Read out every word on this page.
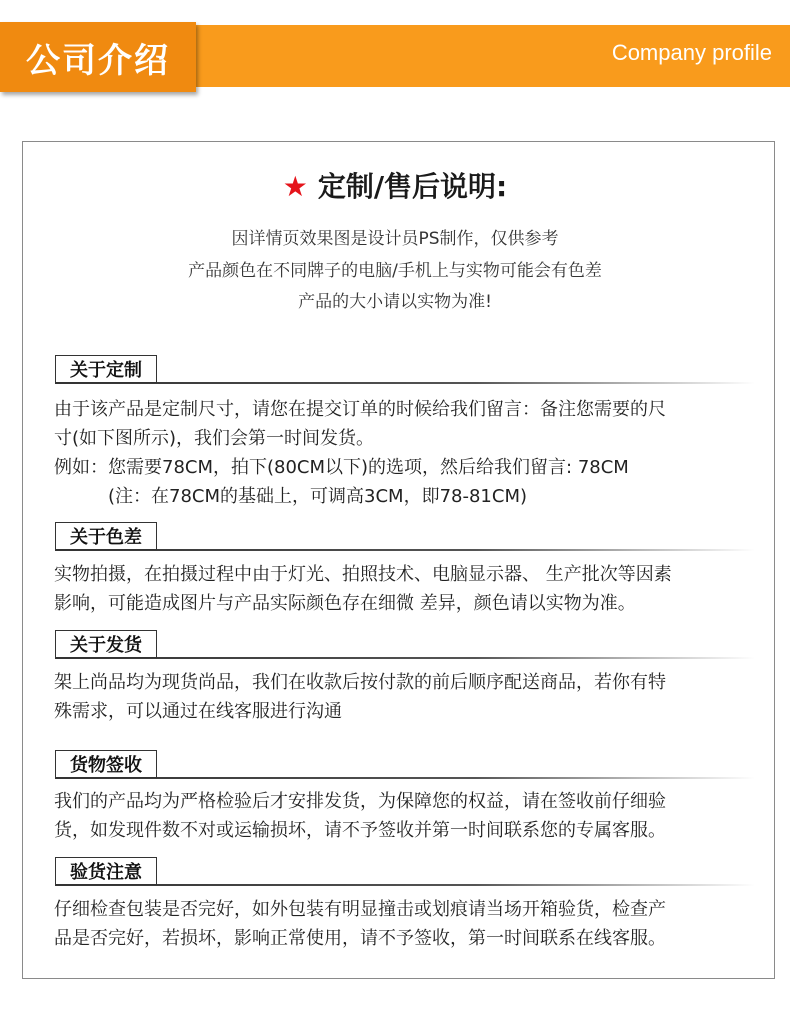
公司介绍	Company profile
★ 定制/售后说明:
因详情页效果图是设计员PS制作，仅供参考
产品颜色在不同牌子的电脑/手机上与实物可能会有色差
产品的大小请以实物为准!
关于定制
由于该产品是定制尺寸，请您在提交订单的时候给我们留言：备注您需要的尺
寸(如下图所示)，我们会第一时间发货。
例如：您需要78CM，拍下(80CM以下)的选项，然后给我们留言: 78CM
(注：在78CM的基础上，可调高3CM，即78-81CM)
关于色差
实物拍摄，在拍摄过程中由于灯光、拍照技术、电脑显示器、 生产批次等因素
影响，可能造成图片与产品实际颜色存在细微 差异，颜色请以实物为准。
关于发货
架上尚品均为现货尚品，我们在收款后按付款的前后顺序配送商品，若你有特
殊需求，可以通过在线客服进行沟通
货物签收
我们的产品均为严格检验后才安排发货，为保障您的权益，请在签收前仔细验
货，如发现件数不对或运输损坏，请不予签收并第一时间联系您的专属客服。
验货注意
仔细检查包装是否完好，如外包装有明显撞击或划痕请当场开箱验货，检查产
品是否完好，若损坏，影响正常使用，请不予签收，第一时间联系在线客服。
